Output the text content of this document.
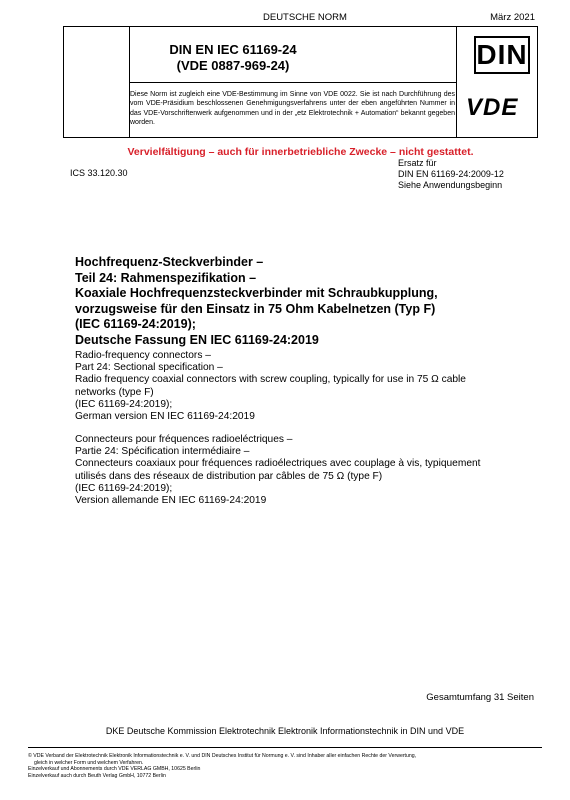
DEUTSCHE NORM	März 2021
DIN EN IEC 61169-24
(VDE 0887-969-24)
Diese Norm ist zugleich eine VDE-Bestimmung im Sinne von VDE 0022. Sie ist nach Durchführung des vom VDE-Präsidium beschlossenen Genehmigungsverfahrens unter der eben angeführten Nummer in das VDE-Vorschriftenwerk aufgenommen und in der „etz Elektrotechnik + Automation“ bekannt gegeben worden.
DIN
VDE
Vervielfältigung – auch für innerbetriebliche Zwecke – nicht gestattet.
ICS 33.120.30
Ersatz für
DIN EN 61169-24:2009-12
Siehe Anwendungsbeginn
Hochfrequenz-Steckverbinder –
Teil 24: Rahmenspezifikation –
Koaxiale Hochfrequenzsteckverbinder mit Schraubkupplung,
vorzugsweise für den Einsatz in 75 Ohm Kabelnetzen (Typ F)
(IEC 61169-24:2019);
Deutsche Fassung EN IEC 61169-24:2019
Radio-frequency connectors –
Part 24: Sectional specification –
Radio frequency coaxial connectors with screw coupling, typically for use in 75 Ω cable
networks (type F)
(IEC 61169-24:2019);
German version EN IEC 61169-24:2019
Connecteurs pour fréquences radioeléctriques –
Partie 24: Spécification intermédiaire –
Connecteurs coaxiaux pour fréquences radioélectriques avec couplage à vis, typiquement
utilisés dans des réseaux de distribution par câbles de 75 Ω (type F)
(IEC 61169-24:2019);
Version allemande EN IEC 61169-24:2019
Gesamtumfang 31 Seiten
DKE Deutsche Kommission Elektrotechnik Elektronik Informationstechnik in DIN und VDE
© VDE Verband der Elektrotechnik Elektronik Informationstechnik e. V. und DIN Deutsches Institut für Normung e. V. sind Inhaber aller einfachen Rechte der Verwertung,
gleich in welcher Form und welchem Verfahren.
Einzelverkauf und Abonnements durch VDE VERLAG GMBH, 10625 Berlin
Einzelverkauf auch durch Beuth Verlag GmbH, 10772 Berlin
